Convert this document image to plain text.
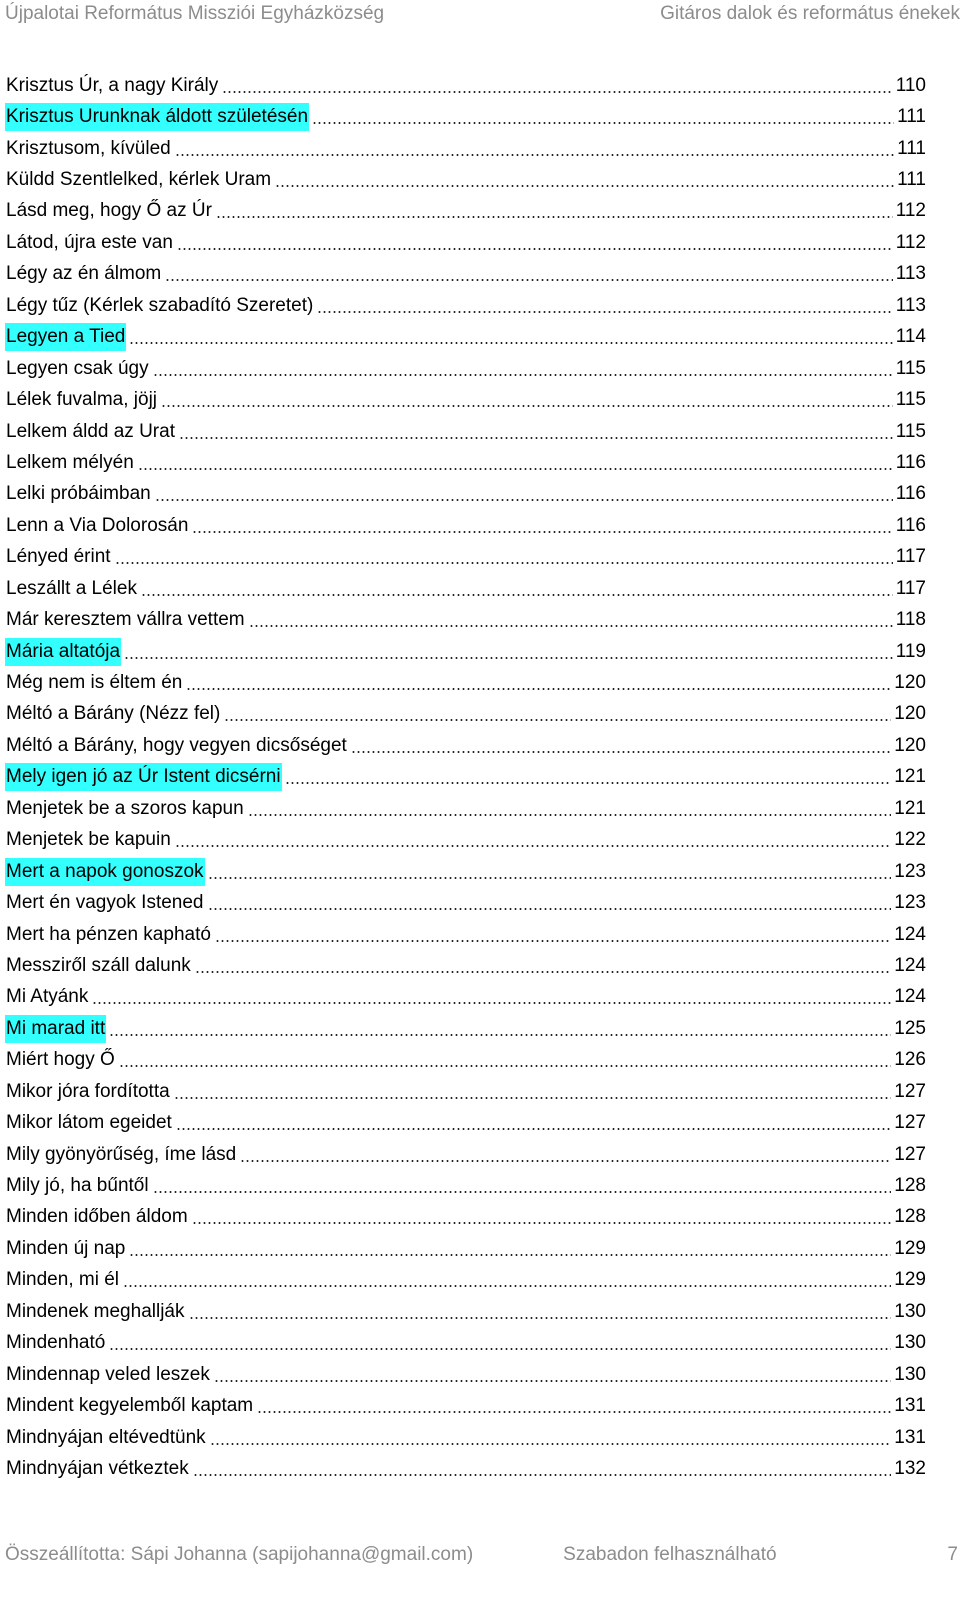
Újpalotai Református Missziói Egyházközség	Gitáros dalok és református énekek
Krisztus Úr, a nagy Király	110
Krisztus Urunknak áldott születésén	111
Krisztusom, kívüled	111
Küldd Szentlelked, kérlek Uram	111
Lásd meg, hogy Ő az Úr	112
Látod, újra este van	112
Légy az én álmom	113
Légy tűz (Kérlek szabadító Szeretet)	113
Legyen a Tied	114
Legyen csak úgy	115
Lélek fuvalma, jöjj	115
Lelkem áldd az Urat	115
Lelkem mélyén	116
Lelki próbáimban	116
Lenn a Via Dolorosán	116
Lényed érint	117
Leszállt a Lélek	117
Már keresztem vállra vettem	118
Mária altatója	119
Még nem is éltem én	120
Méltó a Bárány (Nézz fel)	120
Méltó a Bárány, hogy vegyen dicsőséget	120
Mely igen jó az Úr Istent dicsérni	121
Menjetek be a szoros kapun	121
Menjetek be kapuin	122
Mert a napok gonoszok	123
Mert én vagyok Istened	123
Mert ha pénzen kapható	124
Messziről száll dalunk	124
Mi Atyánk	124
Mi marad itt	125
Miért hogy Ő	126
Mikor jóra fordította	127
Mikor látom egeidet	127
Mily gyönyörűség, íme lásd	127
Mily jó, ha bűntől	128
Minden időben áldom	128
Minden új nap	129
Minden, mi él	129
Mindenek meghallják	130
Mindenható	130
Mindennap veled leszek	130
Mindent kegyelemből kaptam	131
Mindnyájan eltévedtünk	131
Mindnyájan vétkeztek	132
Összeállította: Sápi Johanna (sapijohanna@gmail.com)	Szabadon felhasználható	7
